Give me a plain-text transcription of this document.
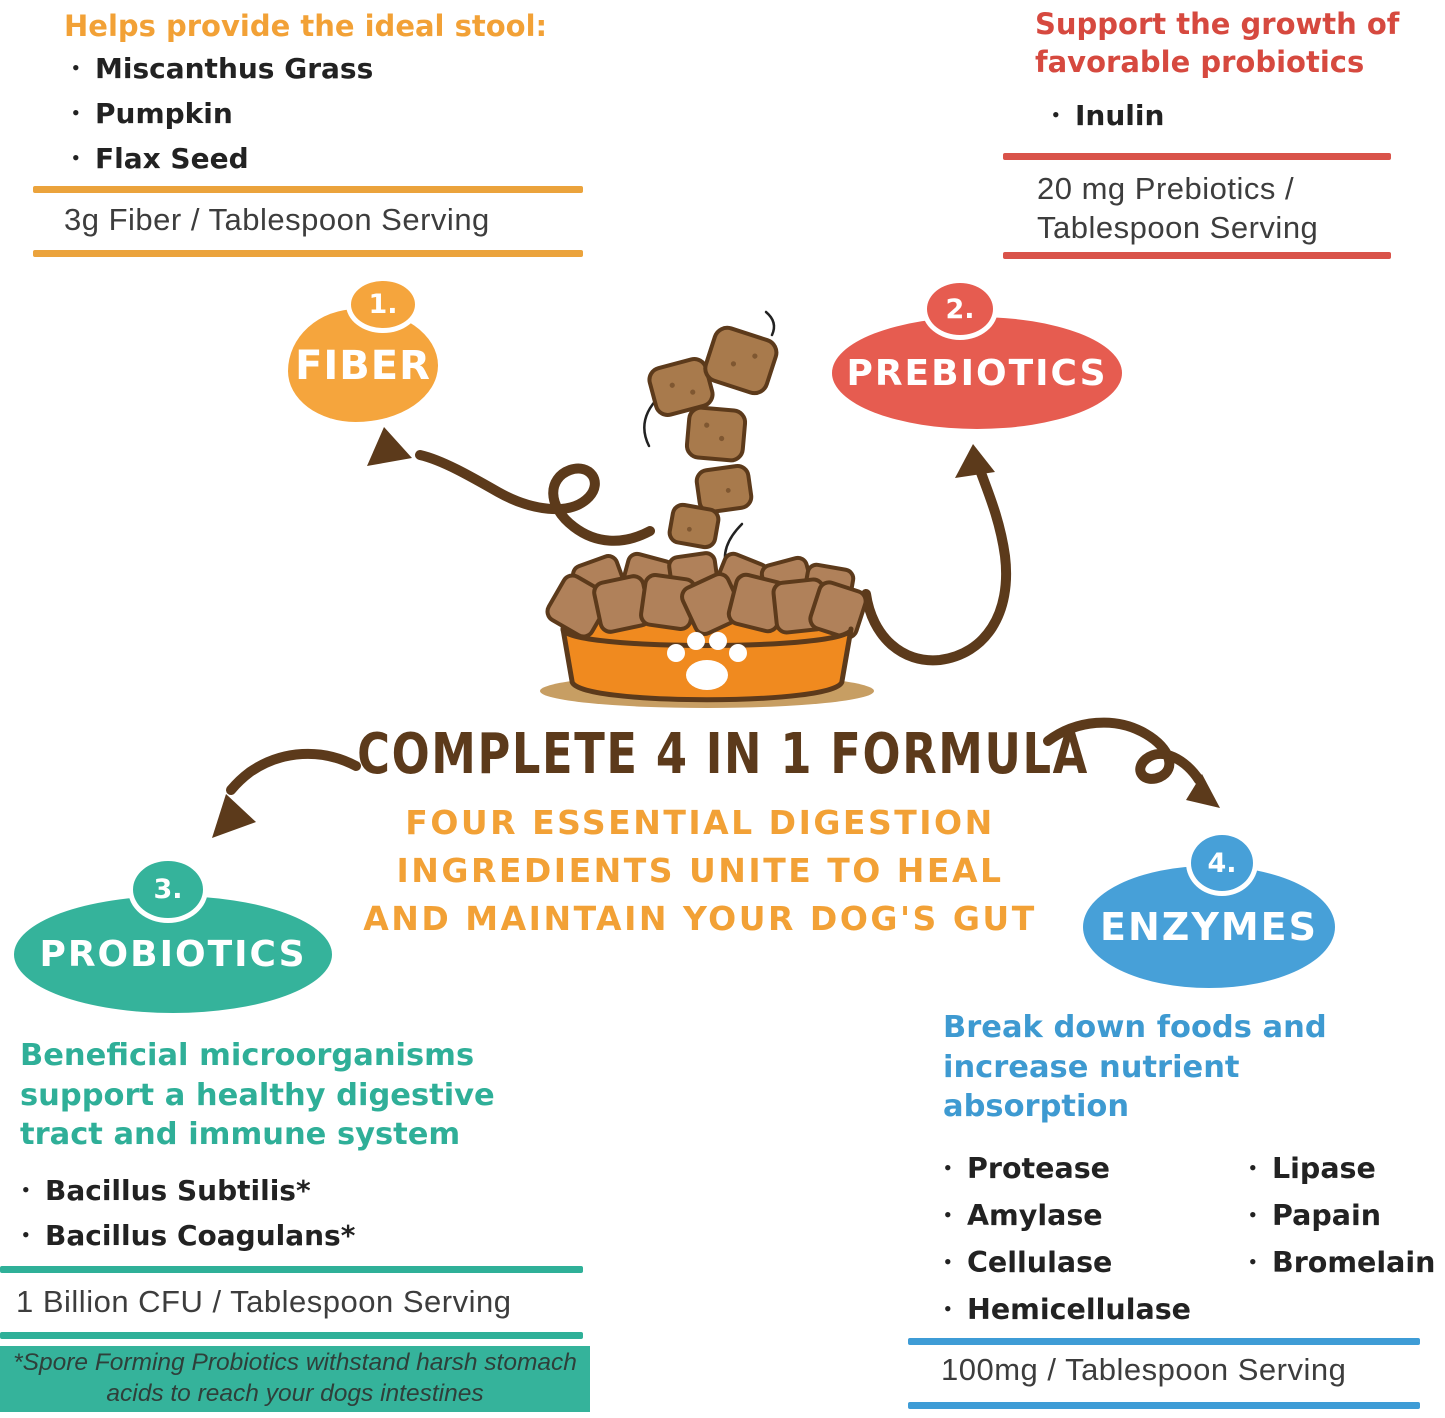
Helps provide the ideal stool:
• Miscanthus Grass
• Pumpkin
• Flax Seed
3g Fiber / Tablespoon Serving
Support the growth of favorable probiotics
• Inulin
20 mg Prebiotics / Tablespoon Serving
1.
FIBER
2.
PREBIOTICS
3.
PROBIOTICS
4.
ENZYMES
COMPLETE 4 IN 1 FORMULA
FOUR ESSENTIAL DIGESTION
INGREDIENTS UNITE TO HEAL
AND MAINTAIN YOUR DOG'S GUT
Beneficial microorganisms support a healthy digestive tract and immune system
• Bacillus Subtilis*
• Bacillus Coagulans*
1 Billion CFU / Tablespoon Serving
*Spore Forming Probiotics withstand harsh stomach acids to reach your dogs intestines
Break down foods and increase nutrient absorption
• Protease
• Amylase
• Cellulase
• Hemicellulase
• Lipase
• Papain
• Bromelain
100mg / Tablespoon Serving
